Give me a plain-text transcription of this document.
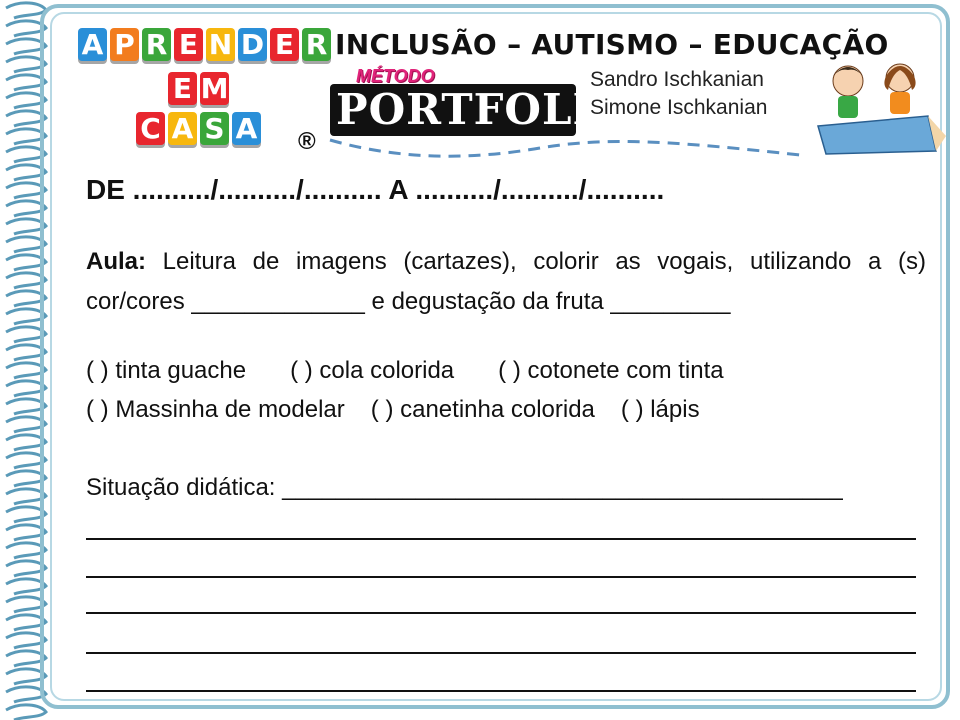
A P R E N D E R
E M
C A S A
INCLUSÃO – AUTISMO – EDUCAÇÃO
PORTFOLIO
MÉTODO
®
Sandro Ischkanian
Simone Ischkanian
DE ........../........../.......... A ........../........../..........
Aula: Leitura de imagens (cartazes), colorir as vogais, utilizando a (s) cor/cores _____________ e degustação da fruta _________
( ) tinta guache ( ) cola colorida ( ) cotonete com tinta
( ) Massinha de modelar ( ) canetinha colorida ( ) lápis
Situação didática: __________________________________________
